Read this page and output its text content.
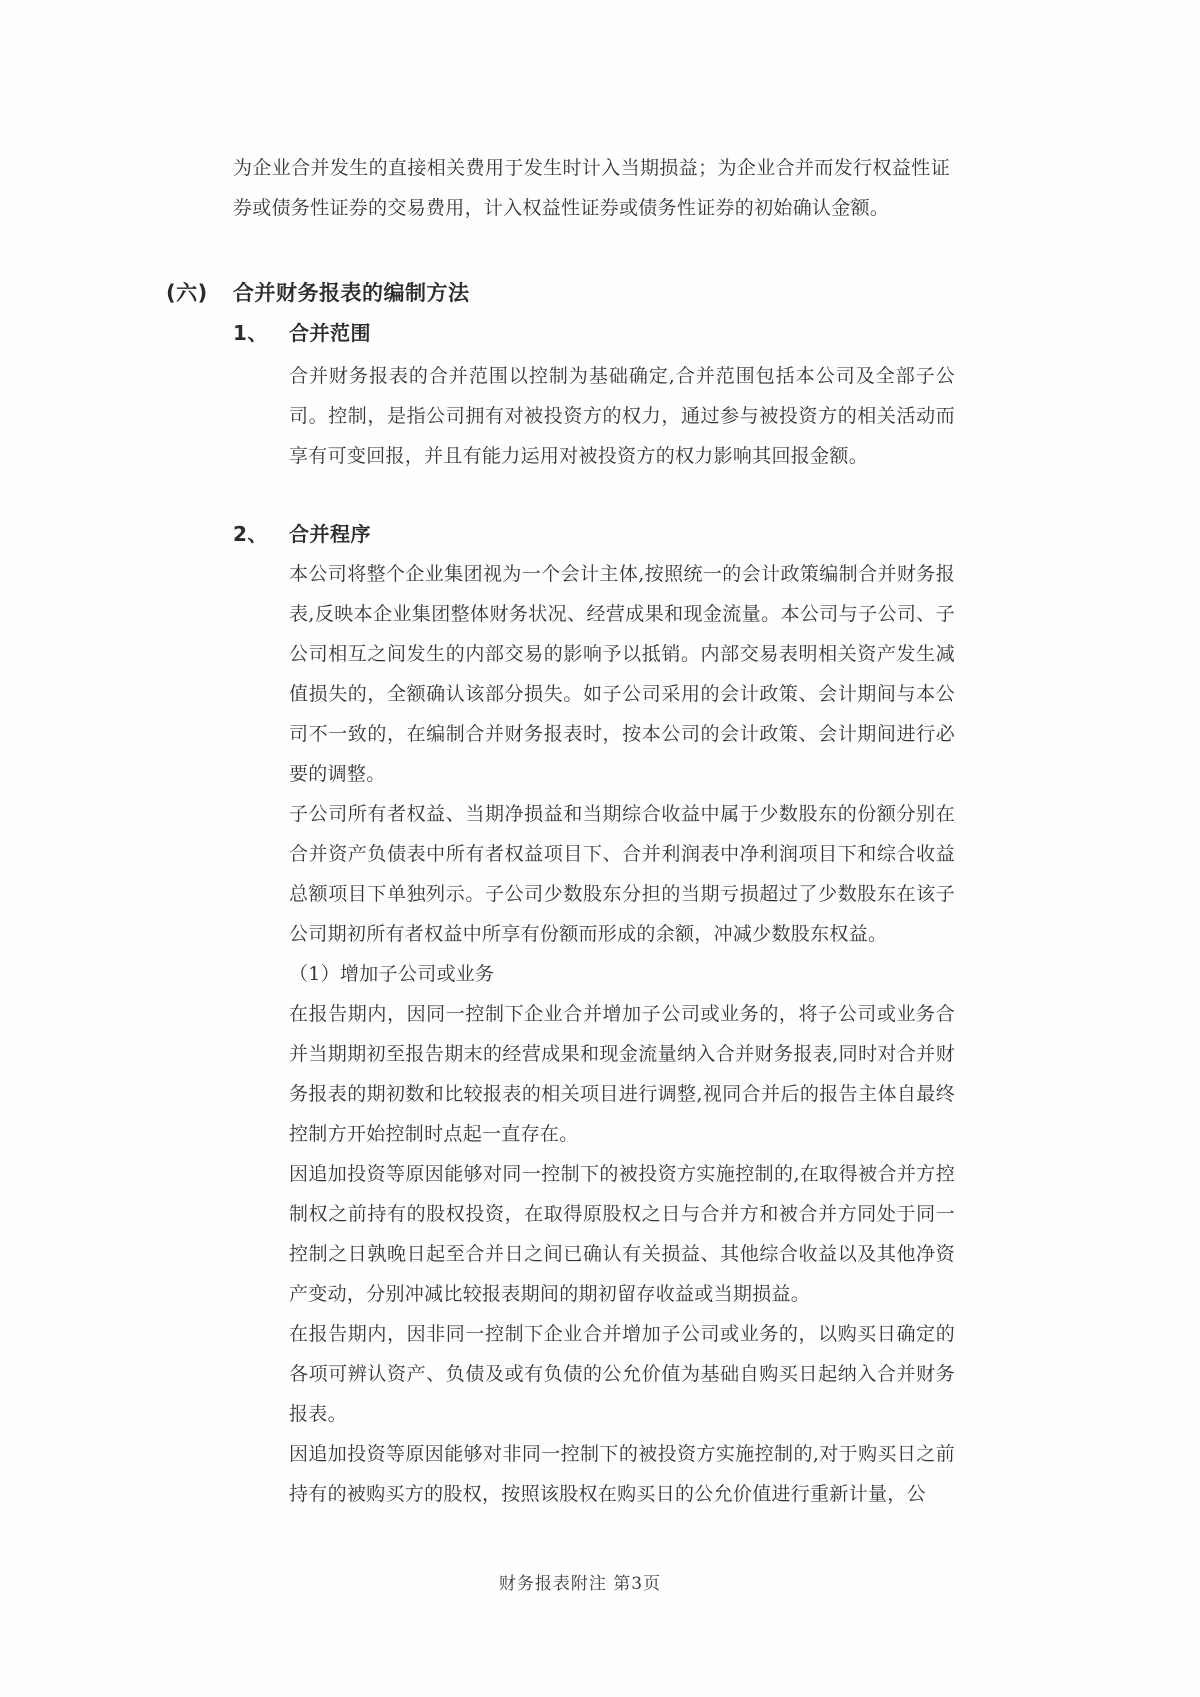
为企业合并发生的直接相关费用于发生时计入当期损益；为企业合并而发行权益性证券或债务性证券的交易费用，计入权益性证券或债务性证券的初始确认金额。

(六)	合并财务报表的编制方法
1、	合并范围

合并财务报表的合并范围以控制为基础确定,合并范围包括本公司及全部子公司。控制，是指公司拥有对被投资方的权力，通过参与被投资方的相关活动而享有可变回报，并且有能力运用对被投资方的权力影响其回报金额。

2、	合并程序

本公司将整个企业集团视为一个会计主体,按照统一的会计政策编制合并财务报表,反映本企业集团整体财务状况、经营成果和现金流量。本公司与子公司、子公司相互之间发生的内部交易的影响予以抵销。内部交易表明相关资产发生减值损失的，全额确认该部分损失。如子公司采用的会计政策、会计期间与本公司不一致的，在编制合并财务报表时，按本公司的会计政策、会计期间进行必要的调整。

子公司所有者权益、当期净损益和当期综合收益中属于少数股东的份额分别在合并资产负债表中所有者权益项目下、合并利润表中净利润项目下和综合收益总额项目下单独列示。子公司少数股东分担的当期亏损超过了少数股东在该子公司期初所有者权益中所享有份额而形成的余额，冲减少数股东权益。

（1）增加子公司或业务

在报告期内，因同一控制下企业合并增加子公司或业务的，将子公司或业务合并当期期初至报告期末的经营成果和现金流量纳入合并财务报表,同时对合并财务报表的期初数和比较报表的相关项目进行调整,视同合并后的报告主体自最终控制方开始控制时点起一直存在。

因追加投资等原因能够对同一控制下的被投资方实施控制的,在取得被合并方控制权之前持有的股权投资，在取得原股权之日与合并方和被合并方同处于同一控制之日孰晚日起至合并日之间已确认有关损益、其他综合收益以及其他净资产变动，分别冲减比较报表期间的期初留存收益或当期损益。

在报告期内，因非同一控制下企业合并增加子公司或业务的，以购买日确定的各项可辨认资产、负债及或有负债的公允价值为基础自购买日起纳入合并财务报表。

因追加投资等原因能够对非同一控制下的被投资方实施控制的,对于购买日之前持有的被购买方的股权，按照该股权在购买日的公允价值进行重新计量，公

财务报表附注 第3页
